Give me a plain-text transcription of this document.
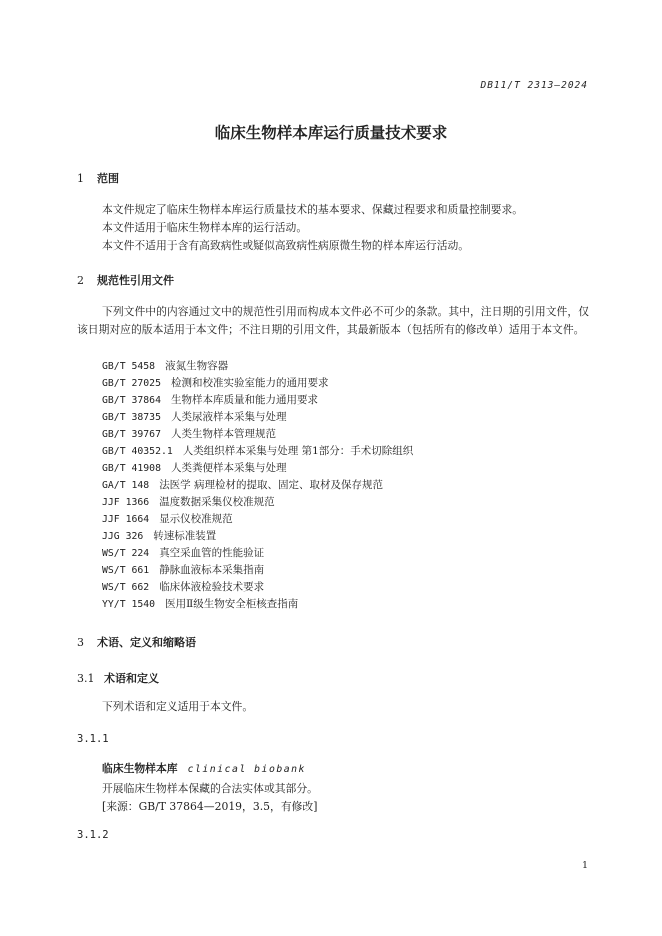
DB11/T 2313—2024
临床生物样本库运行质量技术要求
1 范围
本文件规定了临床生物样本库运行质量技术的基本要求、保藏过程要求和质量控制要求。
本文件适用于临床生物样本库的运行活动。
本文件不适用于含有高致病性或疑似高致病性病原微生物的样本库运行活动。
2 规范性引用文件
下列文件中的内容通过文中的规范性引用而构成本文件必不可少的条款。其中，注日期的引用文件，仅该日期对应的版本适用于本文件；不注日期的引用文件，其最新版本（包括所有的修改单）适用于本文件。
GB/T 5458 液氮生物容器
GB/T 27025 检测和校准实验室能力的通用要求
GB/T 37864 生物样本库质量和能力通用要求
GB/T 38735 人类尿液样本采集与处理
GB/T 39767 人类生物样本管理规范
GB/T 40352.1 人类组织样本采集与处理 第1部分：手术切除组织
GB/T 41908 人类粪便样本采集与处理
GA/T 148 法医学 病理检材的提取、固定、取材及保存规范
JJF 1366 温度数据采集仪校准规范
JJF 1664 显示仪校准规范
JJG 326 转速标准装置
WS/T 224 真空采血管的性能验证
WS/T 661 静脉血液标本采集指南
WS/T 662 临床体液检验技术要求
YY/T 1540 医用Ⅱ级生物安全柜核查指南
3 术语、定义和缩略语
3.1 术语和定义
下列术语和定义适用于本文件。
3.1.1
临床生物样本库 clinical biobank
开展临床生物样本保藏的合法实体或其部分。
[来源：GB/T 37864—2019，3.5，有修改]
3.1.2
1
